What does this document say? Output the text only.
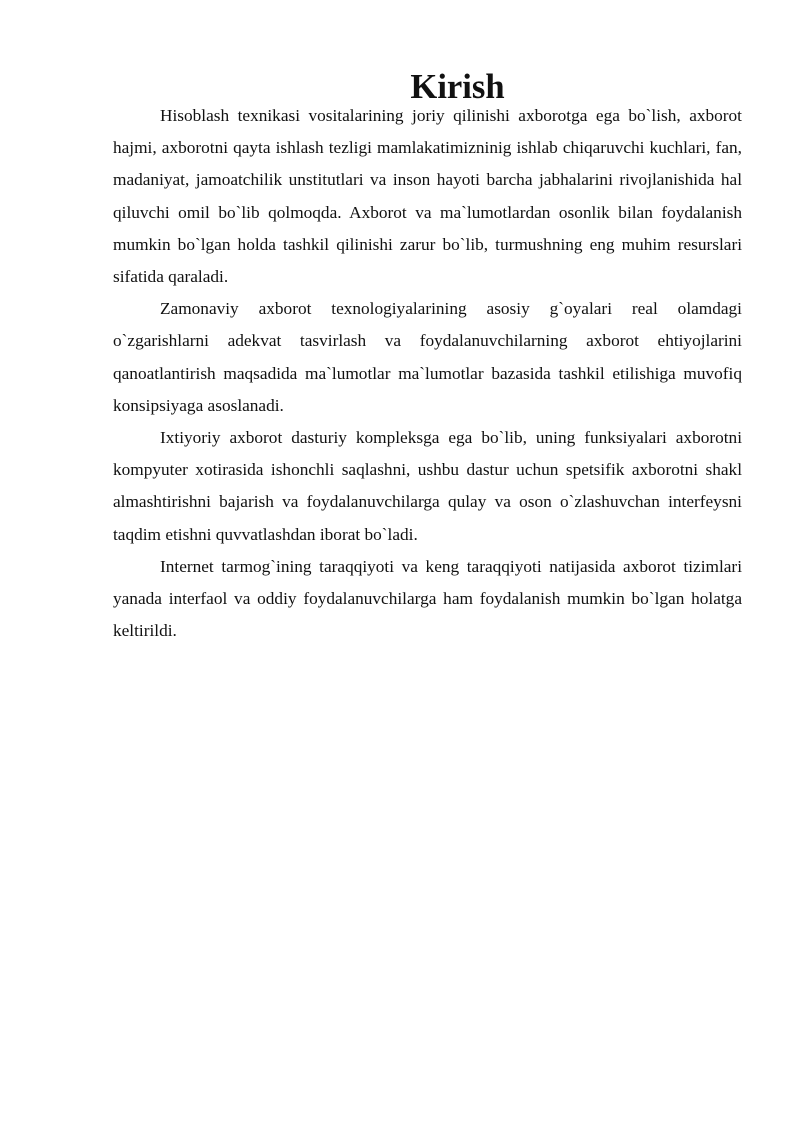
Kirish

Hisoblash texnikasi vositalarining joriy qilinishi axborotga ega bo`lish, axborot hajmi, axborotni qayta ishlash tezligi mamlakatimizninig ishlab chiqaruvchi kuchlari, fan, madaniyat, jamoatchilik unstitutlari va inson hayoti barcha jabhalarini rivojlanishida hal qiluvchi omil bo`lib qolmoqda. Axborot va ma`lumotlardan osonlik bilan foydalanish mumkin bo`lgan holda tashkil qilinishi zarur bo`lib, turmushning eng muhim resurslari sifatida qaraladi.

Zamonaviy axborot texnologiyalarining asosiy g`oyalari real olamdagi o`zgarishlarni adekvat tasvirlash va foydalanuvchilarning axborot ehtiyojlarini qanoatlantirish maqsadida ma`lumotlar ma`lumotlar bazasida tashkil etilishiga muvofiq konsipsiyaga asoslanadi.

Ixtiyoriy axborot dasturiy kompleksga ega bo`lib, uning funksiyalari axborotni kompyuter xotirasida ishonchli saqlashni, ushbu dastur uchun spetsifik axborotni shakl almashtirishni bajarish va foydalanuvchilarga qulay va oson o`zlashuvchan interfeysni taqdim etishni quvvatlashdan iborat bo`ladi.

Internet tarmog`ining taraqqiyoti va keng taraqqiyoti natijasida axborot tizimlari yanada interfaol va oddiy foydalanuvchilarga ham foydalanish mumkin bo`lgan holatga keltirildi.
